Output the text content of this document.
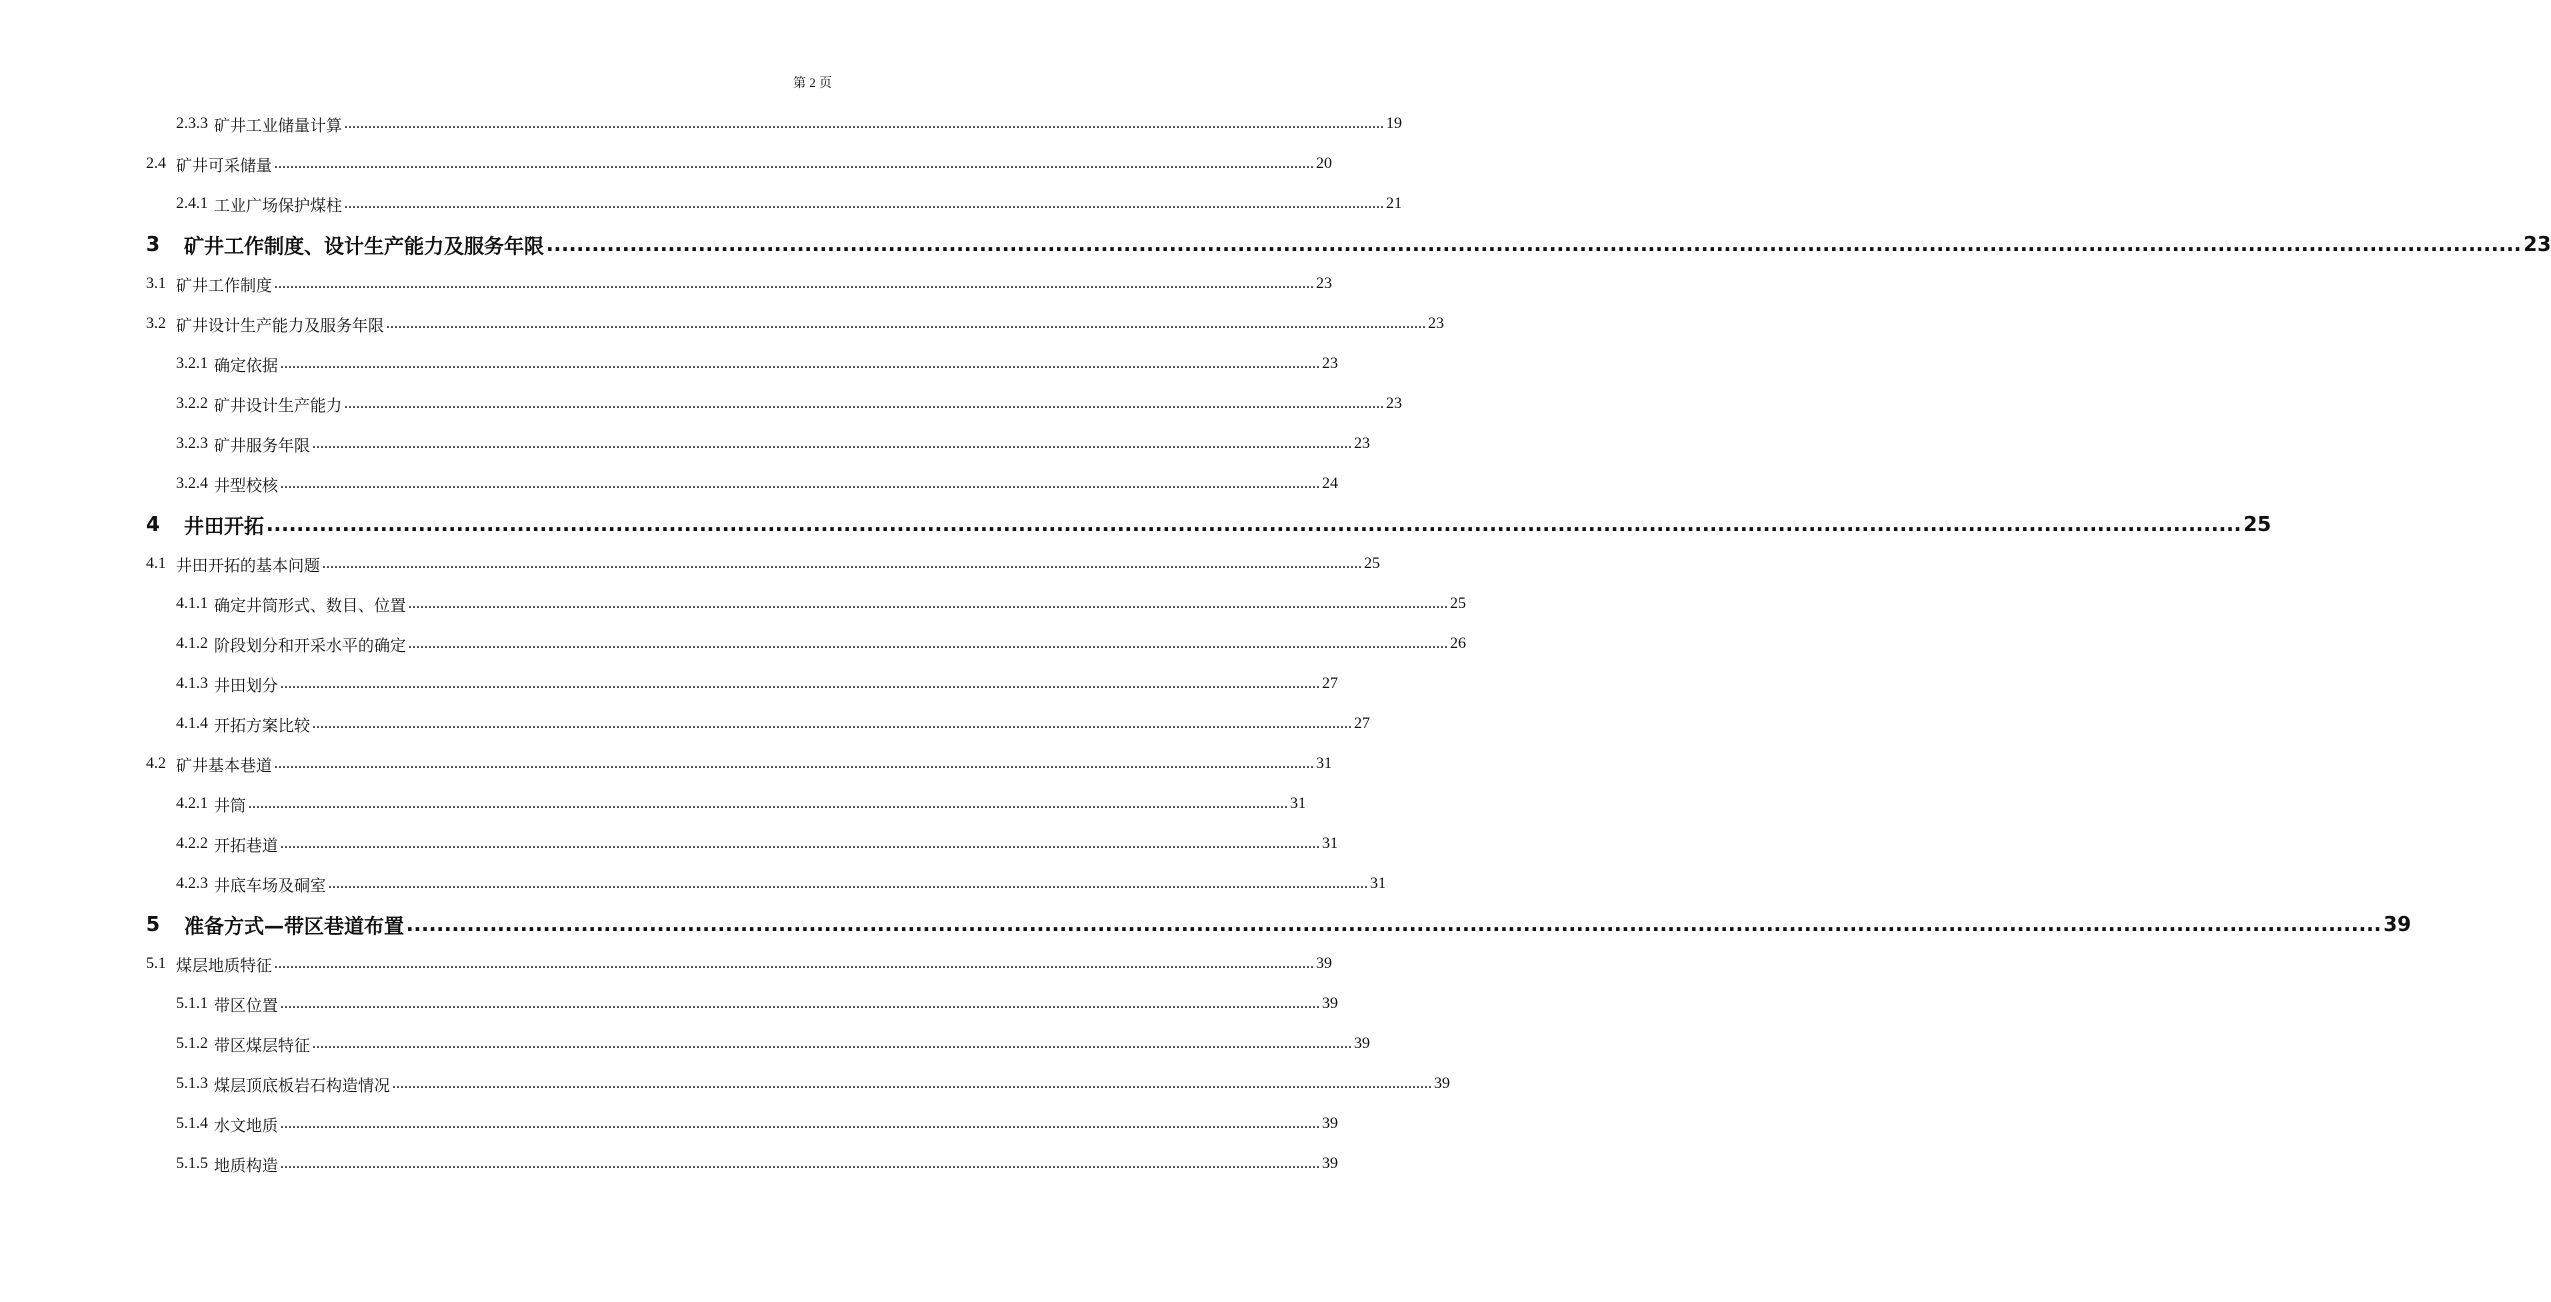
第 2 页
2.3.3 矿井工业储量计算 .................................................................................................................................................................................................................................................................... 19
2.4 矿井可采储量 .................................................................................................................................................................................................................................................................... 20
2.4.1 工业广场保护煤柱 .................................................................................................................................................................................................................................................................... 21
3	矿井工作制度、设计生产能力及服务年限 .................................................................................................................................................................................................................................................................... 23
3.1 矿井工作制度 .................................................................................................................................................................................................................................................................... 23
3.2 矿井设计生产能力及服务年限 .................................................................................................................................................................................................................................................................... 23
3.2.1 确定依据 .................................................................................................................................................................................................................................................................... 23
3.2.2 矿井设计生产能力 .................................................................................................................................................................................................................................................................... 23
3.2.3 矿井服务年限 .................................................................................................................................................................................................................................................................... 23
3.2.4 井型校核 .................................................................................................................................................................................................................................................................... 24
4	井田开拓 .................................................................................................................................................................................................................................................................... 25
4.1 井田开拓的基本问题 .................................................................................................................................................................................................................................................................... 25
4.1.1 确定井筒形式、数目、位置 .................................................................................................................................................................................................................................................................... 25
4.1.2 阶段划分和开采水平的确定 .................................................................................................................................................................................................................................................................... 26
4.1.3 井田划分 .................................................................................................................................................................................................................................................................... 27
4.1.4 开拓方案比较 .................................................................................................................................................................................................................................................................... 27
4.2 矿井基本巷道 .................................................................................................................................................................................................................................................................... 31
4.2.1 井筒 .................................................................................................................................................................................................................................................................... 31
4.2.2 开拓巷道 .................................................................................................................................................................................................................................................................... 31
4.2.3 井底车场及硐室 .................................................................................................................................................................................................................................................................... 31
5	准备方式—带区巷道布置 .................................................................................................................................................................................................................................................................... 39
5.1 煤层地质特征 .................................................................................................................................................................................................................................................................... 39
5.1.1 带区位置 .................................................................................................................................................................................................................................................................... 39
5.1.2 带区煤层特征 .................................................................................................................................................................................................................................................................... 39
5.1.3 煤层顶底板岩石构造情况 .................................................................................................................................................................................................................................................................... 39
5.1.4 水文地质 .................................................................................................................................................................................................................................................................... 39
5.1.5 地质构造 .................................................................................................................................................................................................................................................................... 39
